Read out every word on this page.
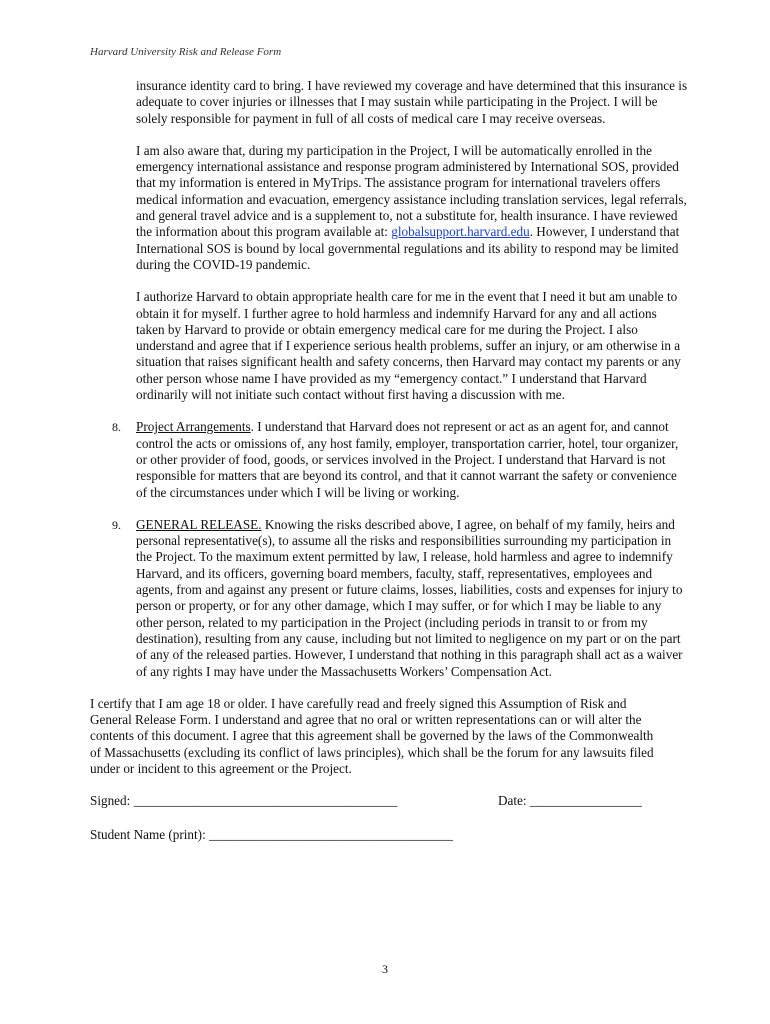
Harvard University Risk and Release Form

insurance identity card to bring. I have reviewed my coverage and have determined that this insurance is adequate to cover injuries or illnesses that I may sustain while participating in the Project. I will be solely responsible for payment in full of all costs of medical care I may receive overseas.

I am also aware that, during my participation in the Project, I will be automatically enrolled in the emergency international assistance and response program administered by International SOS, provided that my information is entered in MyTrips. The assistance program for international travelers offers medical information and evacuation, emergency assistance including translation services, legal referrals, and general travel advice and is a supplement to, not a substitute for, health insurance. I have reviewed the information about this program available at: globalsupport.harvard.edu. However, I understand that International SOS is bound by local governmental regulations and its ability to respond may be limited during the COVID-19 pandemic.

I authorize Harvard to obtain appropriate health care for me in the event that I need it but am unable to obtain it for myself. I further agree to hold harmless and indemnify Harvard for any and all actions taken by Harvard to provide or obtain emergency medical care for me during the Project. I also understand and agree that if I experience serious health problems, suffer an injury, or am otherwise in a situation that raises significant health and safety concerns, then Harvard may contact my parents or any other person whose name I have provided as my “emergency contact.” I understand that Harvard ordinarily will not initiate such contact without first having a discussion with me.

8. Project Arrangements. I understand that Harvard does not represent or act as an agent for, and cannot control the acts or omissions of, any host family, employer, transportation carrier, hotel, tour organizer, or other provider of food, goods, or services involved in the Project. I understand that Harvard is not responsible for matters that are beyond its control, and that it cannot warrant the safety or convenience of the circumstances under which I will be living or working.
9. GENERAL RELEASE. Knowing the risks described above, I agree, on behalf of my family, heirs and personal representative(s), to assume all the risks and responsibilities surrounding my participation in the Project. To the maximum extent permitted by law, I release, hold harmless and agree to indemnify Harvard, and its officers, governing board members, faculty, staff, representatives, employees and agents, from and against any present or future claims, losses, liabilities, costs and expenses for injury to person or property, or for any other damage, which I may suffer, or for which I may be liable to any other person, related to my participation in the Project (including periods in transit to or from my destination), resulting from any cause, including but not limited to negligence on my part or on the part of any of the released parties. However, I understand that nothing in this paragraph shall act as a waiver of any rights I may have under the Massachusetts Workers’ Compensation Act.

I certify that I am age 18 or older. I have carefully read and freely signed this Assumption of Risk and General Release Form. I understand and agree that no oral or written representations can or will alter the contents of this document. I agree that this agreement shall be governed by the laws of the Commonwealth of Massachusetts (excluding its conflict of laws principles), which shall be the forum for any lawsuits filed under or incident to this agreement or the Project.

Signed: ________________________________________	Date: _________________
Student Name (print): _____________________________________
3
